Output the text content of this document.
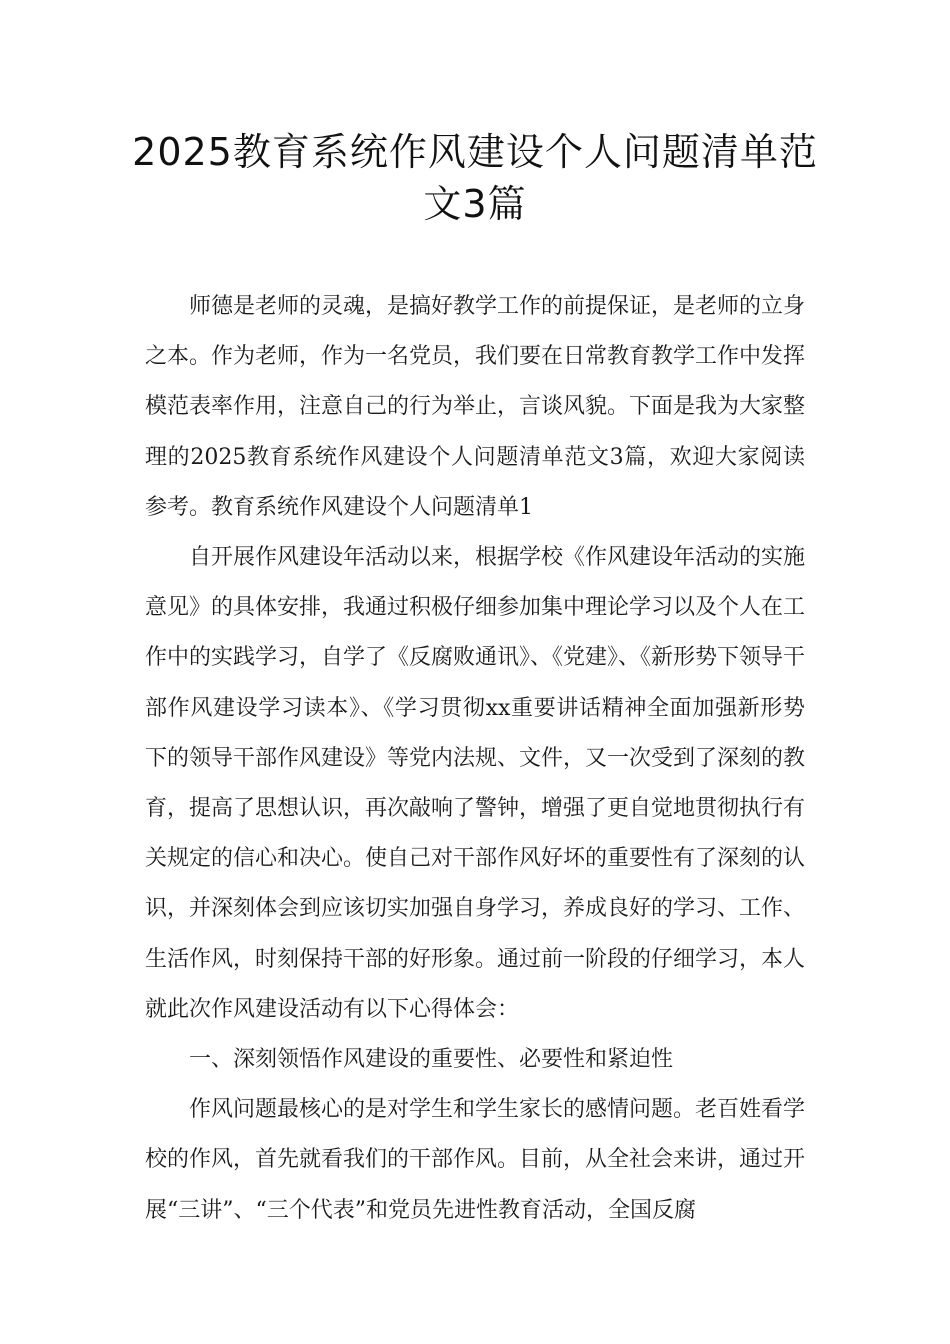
2025教育系统作风建设个人问题清单范文3篇

师德是老师的灵魂，是搞好教学工作的前提保证，是老师的立身之本。作为老师，作为一名党员，我们要在日常教育教学工作中发挥模范表率作用，注意自己的行为举止，言谈风貌。下面是我为大家整理的2025教育系统作风建设个人问题清单范文3篇，欢迎大家阅读参考。教育系统作风建设个人问题清单1

自开展作风建设年活动以来，根据学校《作风建设年活动的实施意见》的具体安排，我通过积极仔细参加集中理论学习以及个人在工作中的实践学习，自学了《反腐败通讯》、《党建》、《新形势下领导干部作风建设学习读本》、《学习贯彻xx重要讲话精神全面加强新形势下的领导干部作风建设》等党内法规、文件，又一次受到了深刻的教育，提高了思想认识，再次敲响了警钟，增强了更自觉地贯彻执行有关规定的信心和决心。使自己对干部作风好坏的重要性有了深刻的认识，并深刻体会到应该切实加强自身学习，养成良好的学习、工作、生活作风，时刻保持干部的好形象。通过前一阶段的仔细学习，本人就此次作风建设活动有以下心得体会：

一、深刻领悟作风建设的重要性、必要性和紧迫性

作风问题最核心的是对学生和学生家长的感情问题。老百姓看学校的作风，首先就看我们的干部作风。目前，从全社会来讲，通过开展“三讲”、“三个代表”和党员先进性教育活动，全国反腐
